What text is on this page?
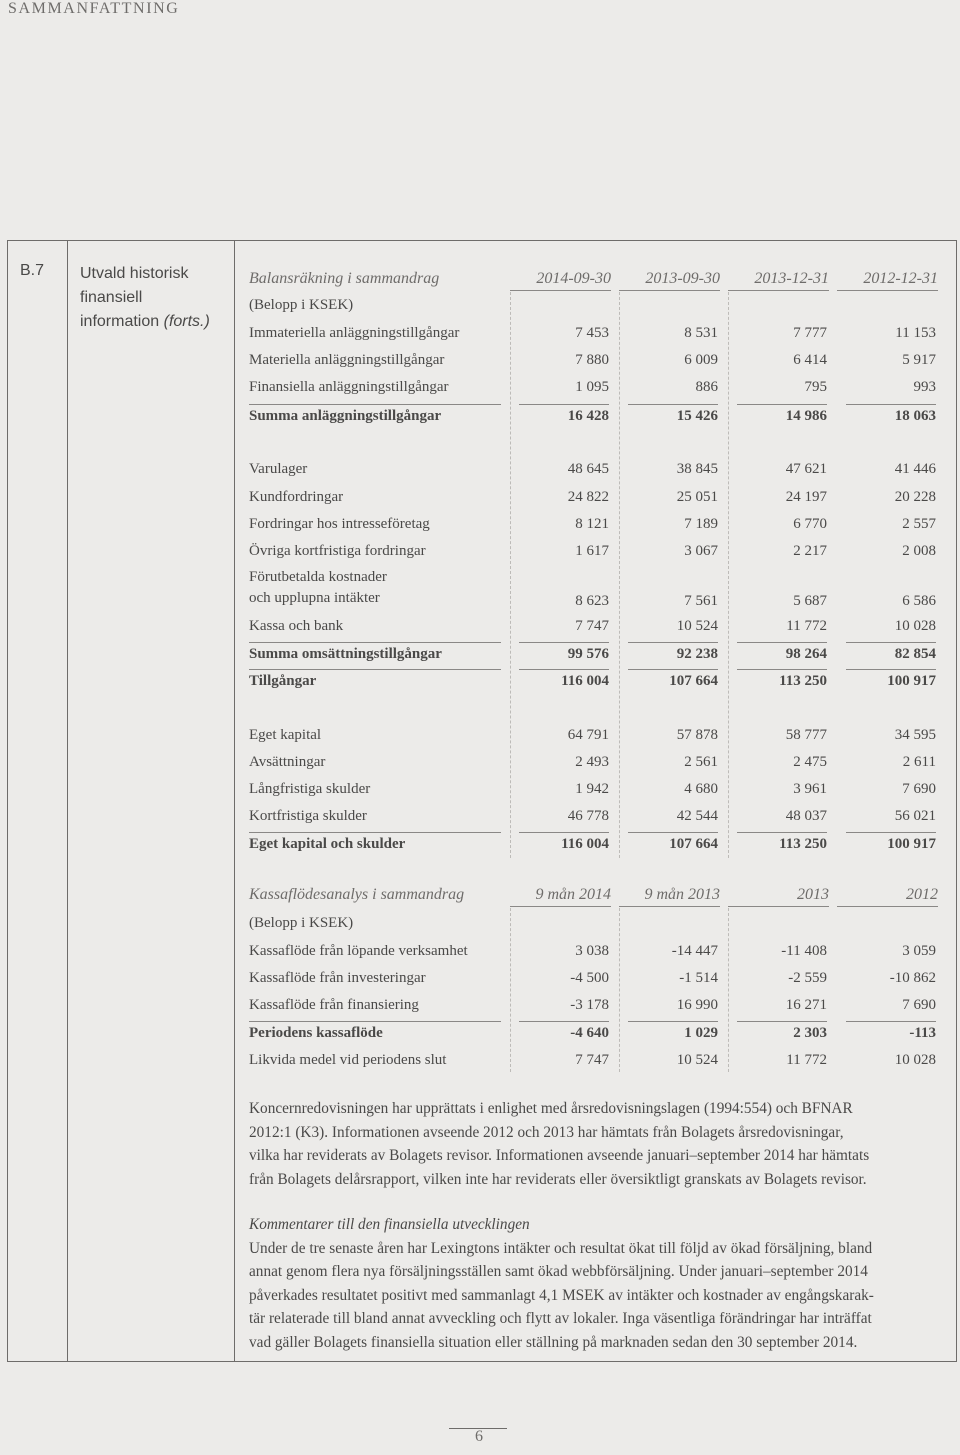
SAMMANFATTNING
B.7 Utvald historisk
finansiell
information (forts.)
Balansräkning i sammandrag	2014-09-30	2013-09-30	2013-12-31	2012-12-31
(Belopp i KSEK)
Immateriella anläggningstillgångar	7 453	8 531	7 777	11 153
Materiella anläggningstillgångar	7 880	6 009	6 414	5 917
Finansiella anläggningstillgångar	1 095	886	795	993
Summa anläggningstillgångar	16 428	15 426	14 986	18 063
Varulager	48 645	38 845	47 621	41 446
Kundfordringar	24 822	25 051	24 197	20 228
Fordringar hos intresseföretag	8 121	7 189	6 770	2 557
Övriga kortfristiga fordringar	1 617	3 067	2 217	2 008
Förutbetalda kostnader
och upplupna intäkter	8 623	7 561	5 687	6 586
Kassa och bank	7 747	10 524	11 772	10 028
Summa omsättningstillgångar	99 576	92 238	98 264	82 854
Tillgångar	116 004	107 664	113 250	100 917
Eget kapital	64 791	57 878	58 777	34 595
Avsättningar	2 493	2 561	2 475	2 611
Långfristiga skulder	1 942	4 680	3 961	7 690
Kortfristiga skulder	46 778	42 544	48 037	56 021
Eget kapital och skulder	116 004	107 664	113 250	100 917
Kassaflödesanalys i sammandrag	9 mån 2014	9 mån 2013	2013	2012
(Belopp i KSEK)
Kassaflöde från löpande verksamhet	3 038	-14 447	-11 408	3 059
Kassaflöde från investeringar	-4 500	-1 514	-2 559	-10 862
Kassaflöde från finansiering	-3 178	16 990	16 271	7 690
Periodens kassaflöde	-4 640	1 029	2 303	-113
Likvida medel vid periodens slut	7 747	10 524	11 772	10 028
Koncernredovisningen har upprättats i enlighet med årsredovisningslagen (1994:554) och BFNAR
2012:1 (K3). Informationen avseende 2012 och 2013 har hämtats från Bolagets årsredovisningar,
vilka har reviderats av Bolagets revisor. Informationen avseende januari–september 2014 har hämtats
från Bolagets delårsrapport, vilken inte har reviderats eller översiktligt granskats av Bolagets revisor.
Kommentarer till den finansiella utvecklingen
Under de tre senaste åren har Lexingtons intäkter och resultat ökat till följd av ökad försäljning, bland
annat genom flera nya försäljningsställen samt ökad webbförsäljning. Under januari–september 2014
påverkades resultatet positivt med sammanlagt 4,1 MSEK av intäkter och kostnader av engångskarak-
tär relaterade till bland annat avveckling och flytt av lokaler. Inga väsentliga förändringar har inträffat
vad gäller Bolagets finansiella situation eller ställning på marknaden sedan den 30 september 2014.
6
